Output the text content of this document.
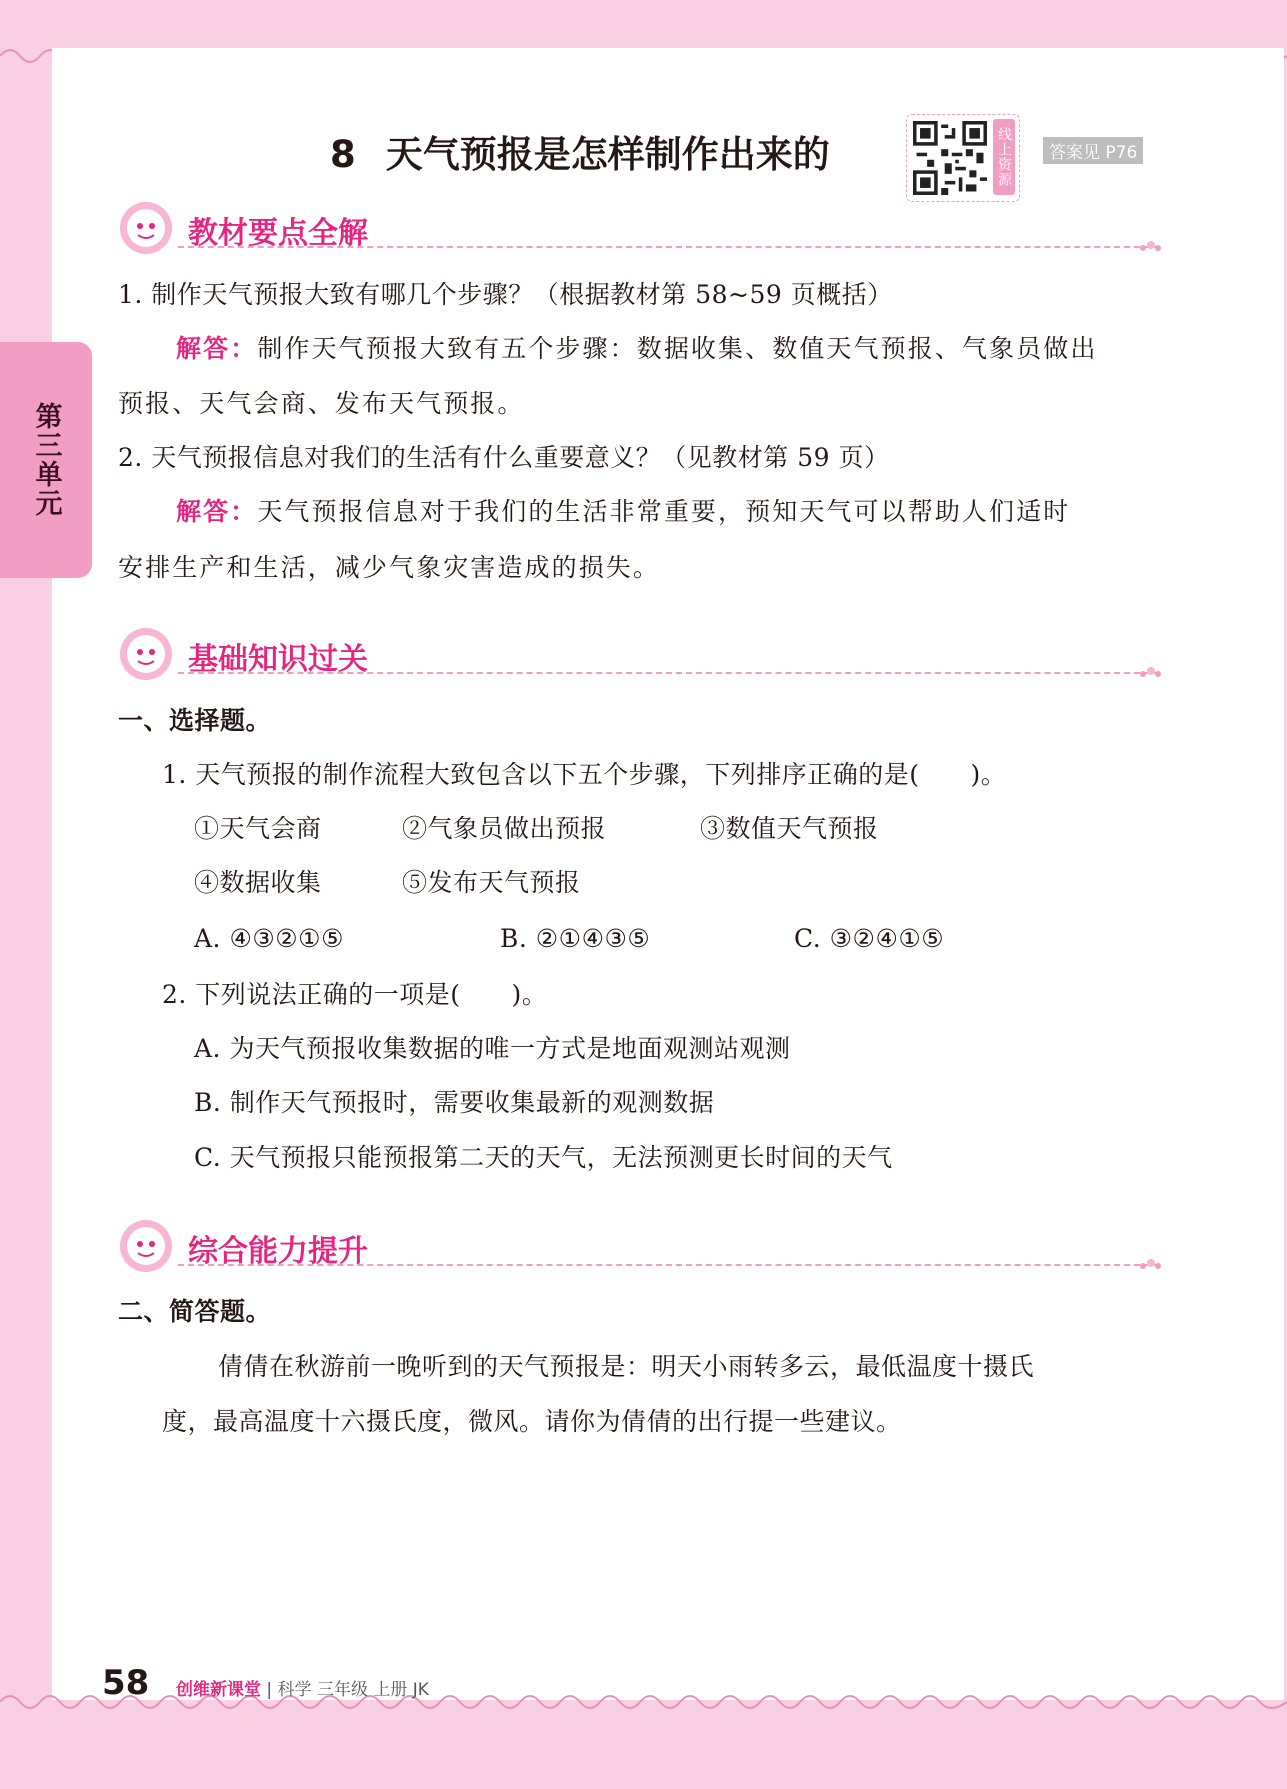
第三单元
8 天气预报是怎样制作出来的	线上资源	答案见 P76
教材要点全解
1. 制作天气预报大致有哪几个步骤？（根据教材第 58~59 页概括）
解答：制作天气预报大致有五个步骤：数据收集、数值天气预报、气象员做出
预报、天气会商、发布天气预报。
2. 天气预报信息对我们的生活有什么重要意义？（见教材第 59 页）
解答：天气预报信息对于我们的生活非常重要，预知天气可以帮助人们适时
安排生产和生活，减少气象灾害造成的损失。
基础知识过关
一、选择题。
1. 天气预报的制作流程大致包含以下五个步骤，下列排序正确的是(　　)。
①天气会商	②气象员做出预报	③数值天气预报
④数据收集	⑤发布天气预报
A. ④③②①⑤	B. ②①④③⑤	C. ③②④①⑤
2. 下列说法正确的一项是(　　)。
A. 为天气预报收集数据的唯一方式是地面观测站观测
B. 制作天气预报时，需要收集最新的观测数据
C. 天气预报只能预报第二天的天气，无法预测更长时间的天气
综合能力提升
二、简答题。
倩倩在秋游前一晚听到的天气预报是：明天小雨转多云，最低温度十摄氏
度，最高温度十六摄氏度，微风。请你为倩倩的出行提一些建议。
58 创维新课堂 | 科学 三年级 上册 JK
